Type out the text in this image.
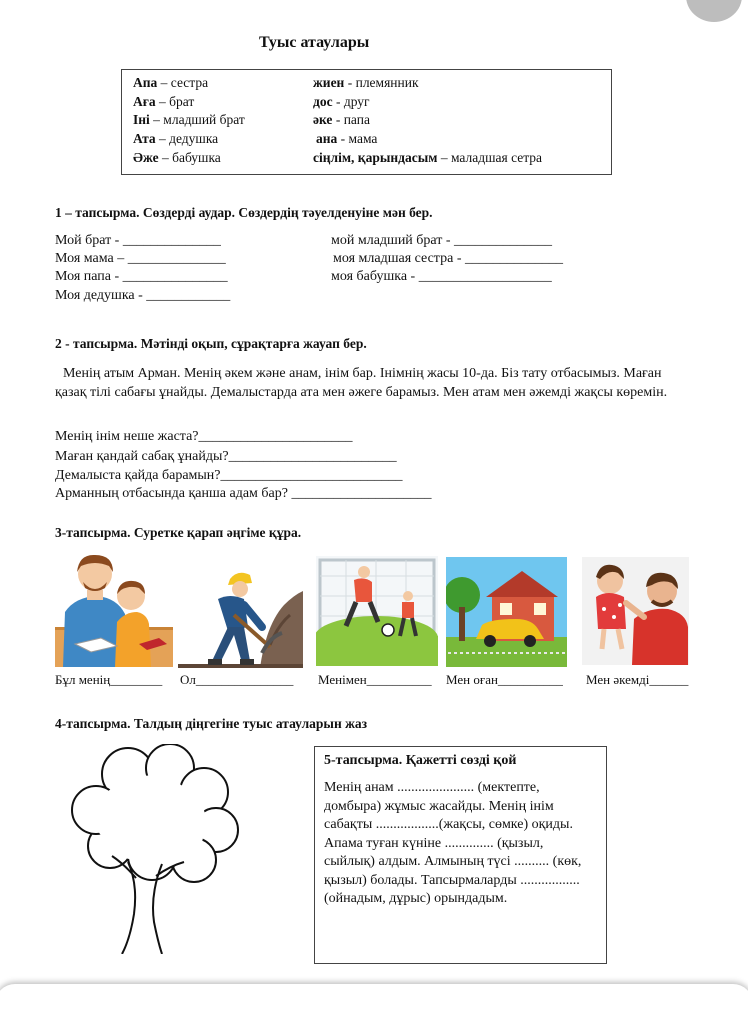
Туыс атаулары
Апа – сестра
Аға – брат
Іні – младший брат
Ата – дедушка
Әже – бабушка
жиен - племянник
дос - друг
әке - папа
ана - мама
сіңлім, қарындасым – маладшая сетра
1 – тапсырма. Сөздерді аудар. Сөздердің тәуелденуіне мән бер.
Мой брат - ______________
Моя мама – ______________
Моя папа - _______________
Моя дедушка - ____________
мой младший брат - ______________
моя младшая сестра - ______________
моя бабушка - ___________________
2 - тапсырма. Мәтінді оқып, сұрақтарға жауап бер.
Менің атым Арман. Менің әкем және анам, інім бар. Інімнің жасы 10-да. Біз тату отбасымыз. Маған қазақ тілі сабағы ұнайды. Демалыстарда ата мен әжеге барамыз. Мен атам мен әжемді жақсы көремін.
Менің інім неше жаста?______________________
Маған қандай сабақ ұнайды?________________________
Демалыста қайда барамын?__________________________
Арманның отбасында қанша адам бар? ____________________
3-тапсырма. Суретке қарап әңгіме құра.
Бұл менің________ Ол_______________ Менімен__________ Мен оған__________ Мен әкемді______
4-тапсырма. Талдың діңгегіне туыс атауларын жаз
5-тапсырма. Қажетті сөзді қой
Менің анам ...................... (мектепте, домбыра) жұмыс жасайды. Менің інім сабақты ..................(жақсы, сөмке) оқиды. Апама туған күніне .............. (қызыл, сыйлық) алдым. Алмының түсі .......... (көк, қызыл) болады. Тапсырмаларды ................. (ойнадым, дұрыс) орындадым.
